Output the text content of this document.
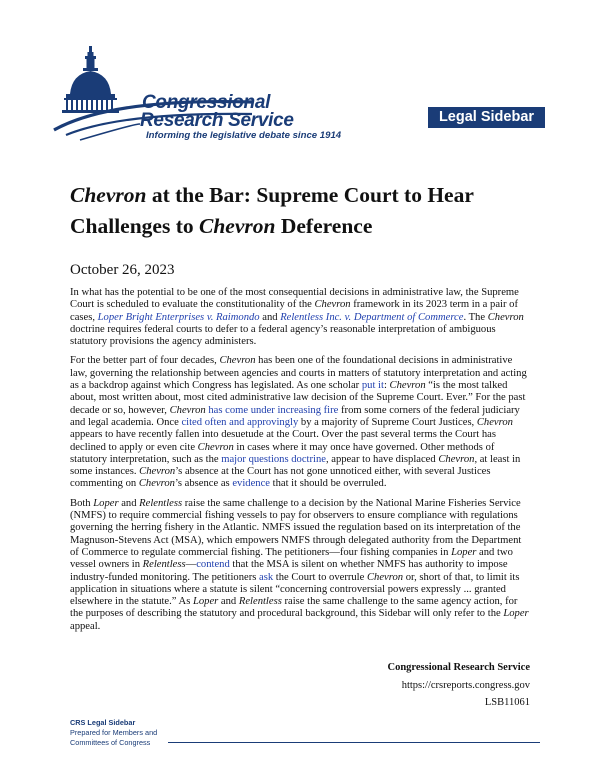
Congressional
Research Service
Informing the legislative debate since 1914
Legal Sidebar
Chevron at the Bar: Supreme Court to Hear Challenges to Chevron Deference
October 26, 2023

In what has the potential to be one of the most consequential decisions in administrative law, the Supreme Court is scheduled to evaluate the constitutionality of the Chevron framework in its 2023 term in a pair of cases, Loper Bright Enterprises v. Raimondo and Relentless Inc. v. Department of Commerce. The Chevron doctrine requires federal courts to defer to a federal agency’s reasonable interpretation of ambiguous statutory provisions the agency administers.

For the better part of four decades, Chevron has been one of the foundational decisions in administrative law, governing the relationship between agencies and courts in matters of statutory interpretation and acting as a backdrop against which Congress has legislated. As one scholar put it: Chevron “is the most talked about, most written about, most cited administrative law decision of the Supreme Court. Ever.” For the past decade or so, however, Chevron has come under increasing fire from some corners of the federal judiciary and legal academia. Once cited often and approvingly by a majority of Supreme Court Justices, Chevron appears to have recently fallen into desuetude at the Court. Over the past several terms the Court has declined to apply or even cite Chevron in cases where it may once have governed. Other methods of statutory interpretation, such as the major questions doctrine, appear to have displaced Chevron, at least in some instances. Chevron’s absence at the Court has not gone unnoticed either, with several Justices commenting on Chevron’s absence as evidence that it should be overruled.

Both Loper and Relentless raise the same challenge to a decision by the National Marine Fisheries Service (NMFS) to require commercial fishing vessels to pay for observers to ensure compliance with regulations governing the herring fishery in the Atlantic. NMFS issued the regulation based on its interpretation of the Magnuson-Stevens Act (MSA), which empowers NMFS through delegated authority from the Department of Commerce to regulate commercial fishing. The petitioners—four fishing companies in Loper and two vessel owners in Relentless—contend that the MSA is silent on whether NMFS has authority to impose industry-funded monitoring. The petitioners ask the Court to overrule Chevron or, short of that, to limit its application in situations where a statute is silent “concerning controversial powers expressly ... granted elsewhere in the statute.” As Loper and Relentless raise the same challenge to the same agency action, for the purposes of describing the statutory and procedural background, this Sidebar will only refer to the Loper appeal.

Congressional Research Service
https://crsreports.congress.gov
LSB11061
CRS Legal Sidebar
Prepared for Members and
Committees of Congress
